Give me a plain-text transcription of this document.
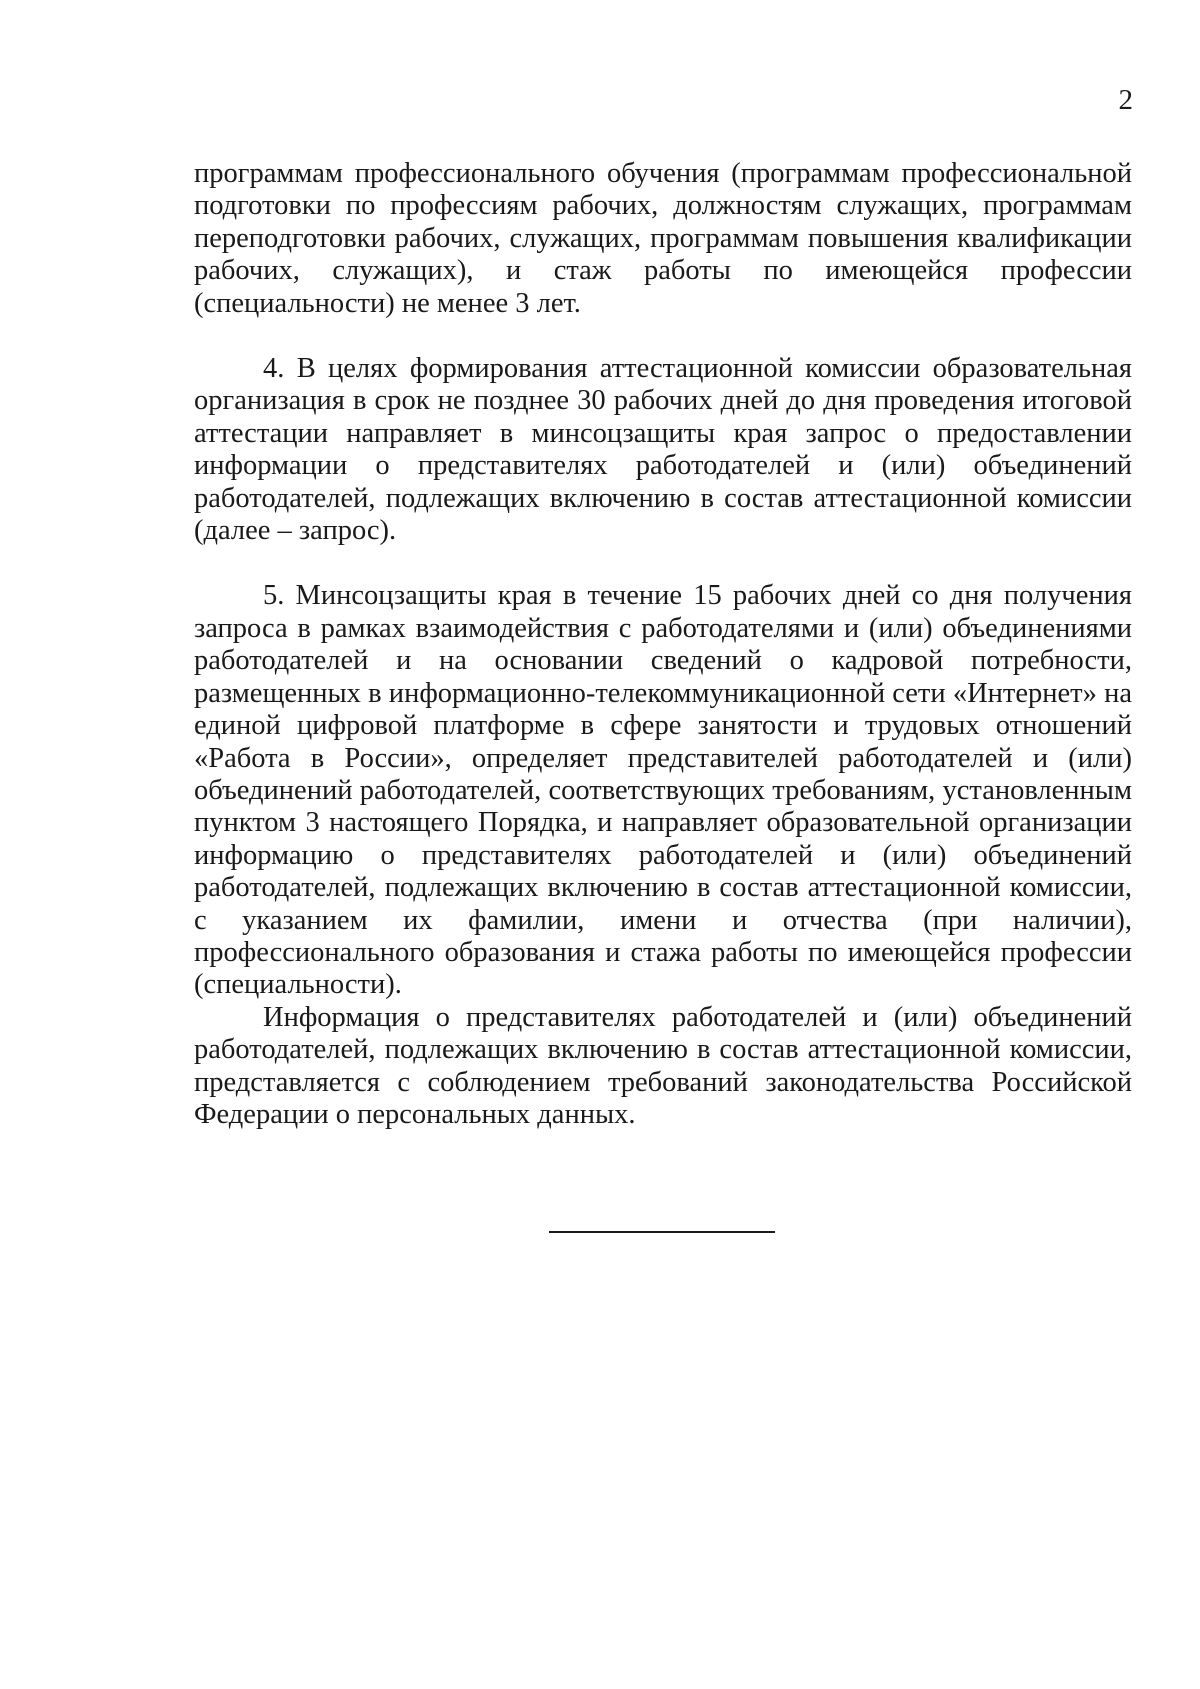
2

программам профессионального обучения (программам профессиональной подготовки по профессиям рабочих, должностям служащих, программам переподготовки рабочих, служащих, программам повышения квалификации рабочих, служащих), и стаж работы по имеющейся профессии (специальности) не менее 3 лет.

4. В целях формирования аттестационной комиссии образовательная организация в срок не позднее 30 рабочих дней до дня проведения итоговой аттестации направляет в минсоцзащиты края запрос о предоставлении информации о представителях работодателей и (или) объединений работодателей, подлежащих включению в состав аттестационной комиссии (далее – запрос).

5. Минсоцзащиты края в течение 15 рабочих дней со дня получения запроса в рамках взаимодействия с работодателями и (или) объединениями работодателей и на основании сведений о кадровой потребности, размещенных в информационно-телекоммуникационной сети «Интернет» на единой цифровой платформе в сфере занятости и трудовых отношений «Работа в России», определяет представителей работодателей и (или) объединений работодателей, соответствующих требованиям, установленным пунктом 3 настоящего Порядка, и направляет образовательной организации информацию о представителях работодателей и (или) объединений работодателей, подлежащих включению в состав аттестационной комиссии, с указанием их фамилии, имени и отчества (при наличии), профессионального образования и стажа работы по имеющейся профессии (специальности).

Информация о представителях работодателей и (или) объединений работодателей, подлежащих включению в состав аттестационной комиссии, представляется с соблюдением требований законодательства Российской Федерации о персональных данных.
